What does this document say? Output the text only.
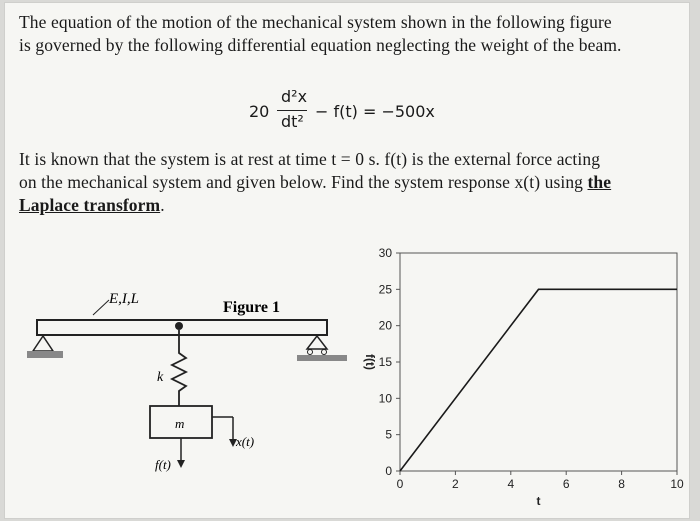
The equation of the motion of the mechanical system shown in the following figure

is governed by the following differential equation neglecting the weight of the beam.

20
d²x
dt²
− f(t) = −500x

It is known that the system is at rest at time t = 0 s. f(t) is the external force acting

on the mechanical system and given below. Find the system response x(t) using the

Laplace transform.

E,I,L	Figure 1
k
m
x(t)
f(t)	0
5
10
15
20
25
30
0	2	4	6	8	10
t
f(t)
